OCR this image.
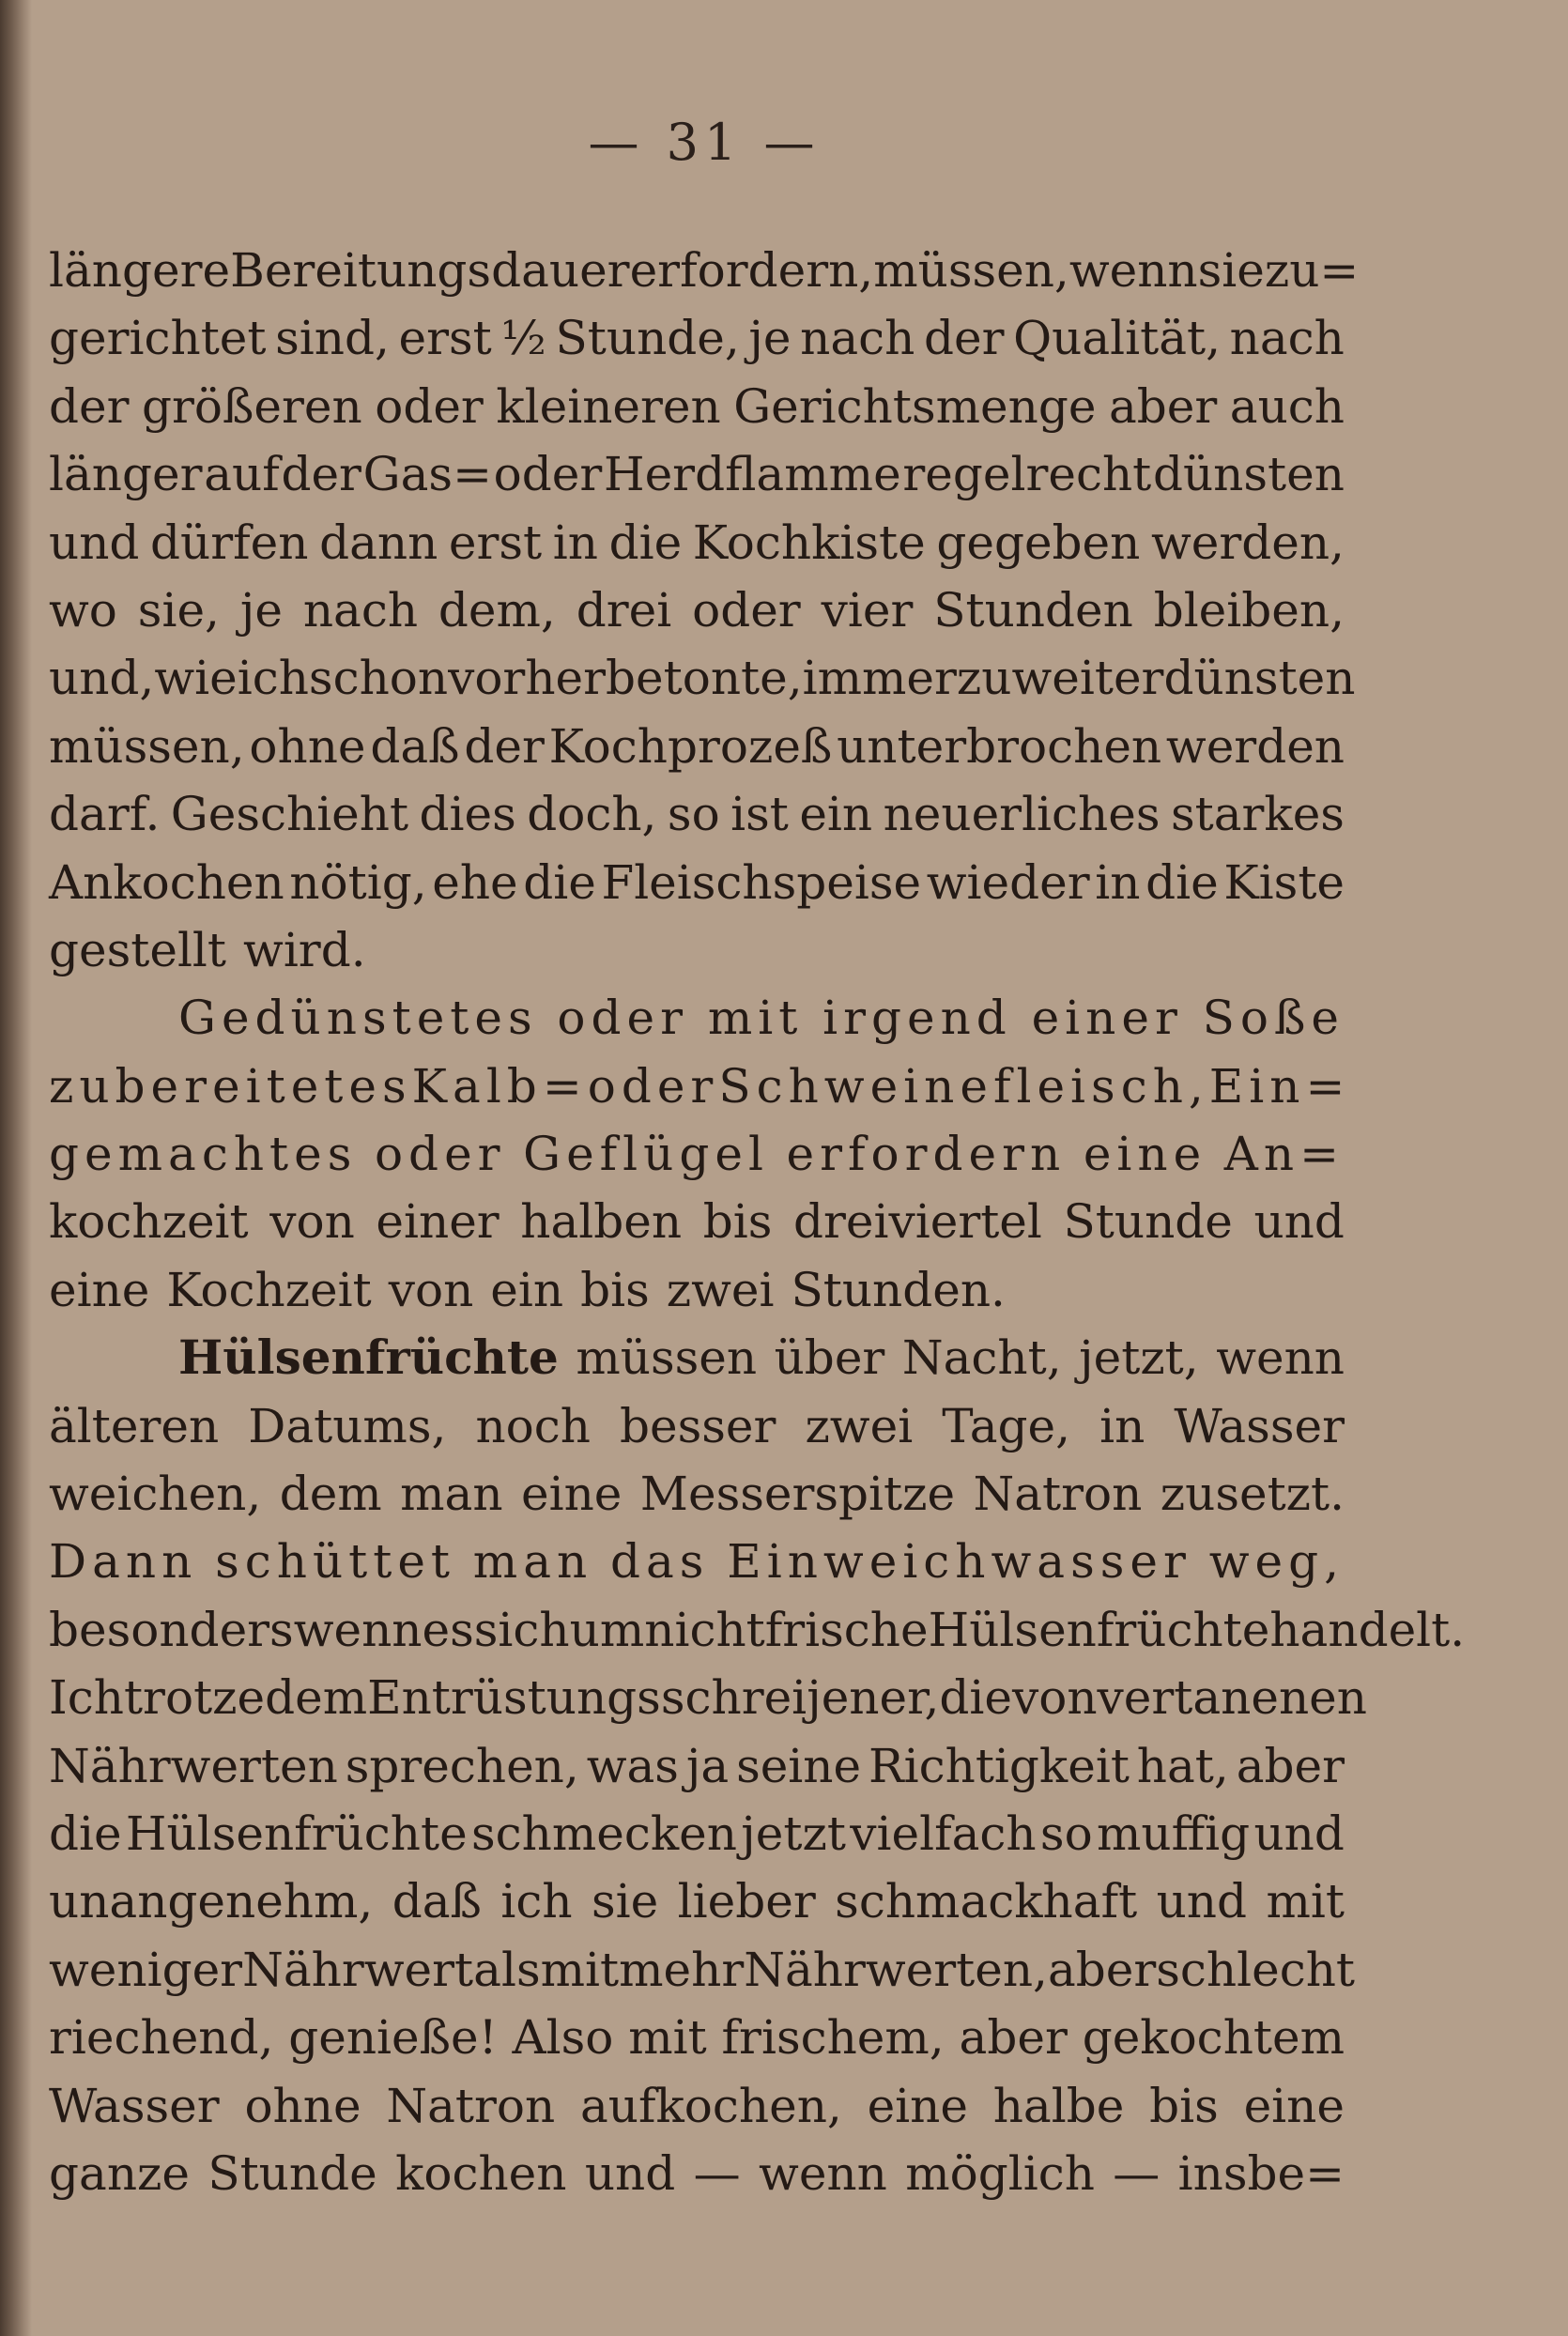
— 31 —
längere Bereitungsdauer erfordern, müssen, wenn sie zu=
gerichtet sind, erst ½ Stunde, je nach der Qualität, nach
der größeren oder kleineren Gerichtsmenge aber auch
länger auf der Gas= oder Herdflamme regelrecht dünsten
und dürfen dann erst in die Kochkiste gegeben werden,
wo sie, je nach dem, drei oder vier Stunden bleiben,
und, wie ich schon vorher betonte, immerzu weiter dünsten
müssen, ohne daß der Kochprozeß unterbrochen werden
darf. Geschieht dies doch, so ist ein neuerliches starkes
Ankochen nötig, ehe die Fleischspeise wieder in die Kiste
gestellt wird.
Gedünstetes oder mit irgend einer Soße
zubereitetes Kalb= oder Schweinefleisch, Ein=
gemachtes oder Geflügel erfordern eine An=
kochzeit von einer halben bis dreiviertel Stunde und
eine Kochzeit von ein bis zwei Stunden.
Hülsenfrüchte müssen über Nacht, jetzt, wenn
älteren Datums, noch besser zwei Tage, in Wasser
weichen, dem man eine Messerspitze Natron zusetzt.
Dann schüttet man das Einweichwasser weg,
besonders wenn es sich um nicht frische Hülsenfrüchte handelt.
Ich trotze dem Entrüstungsschrei jener, die von vertanenen
Nährwerten sprechen, was ja seine Richtigkeit hat, aber
die Hülsenfrüchte schmecken jetzt vielfach so muffig und
unangenehm, daß ich sie lieber schmackhaft und mit
weniger Nährwert als mit mehr Nährwerten, aber schlecht
riechend, genieße! Also mit frischem, aber gekochtem
Wasser ohne Natron aufkochen, eine halbe bis eine
ganze Stunde kochen und — wenn möglich — insbe=
